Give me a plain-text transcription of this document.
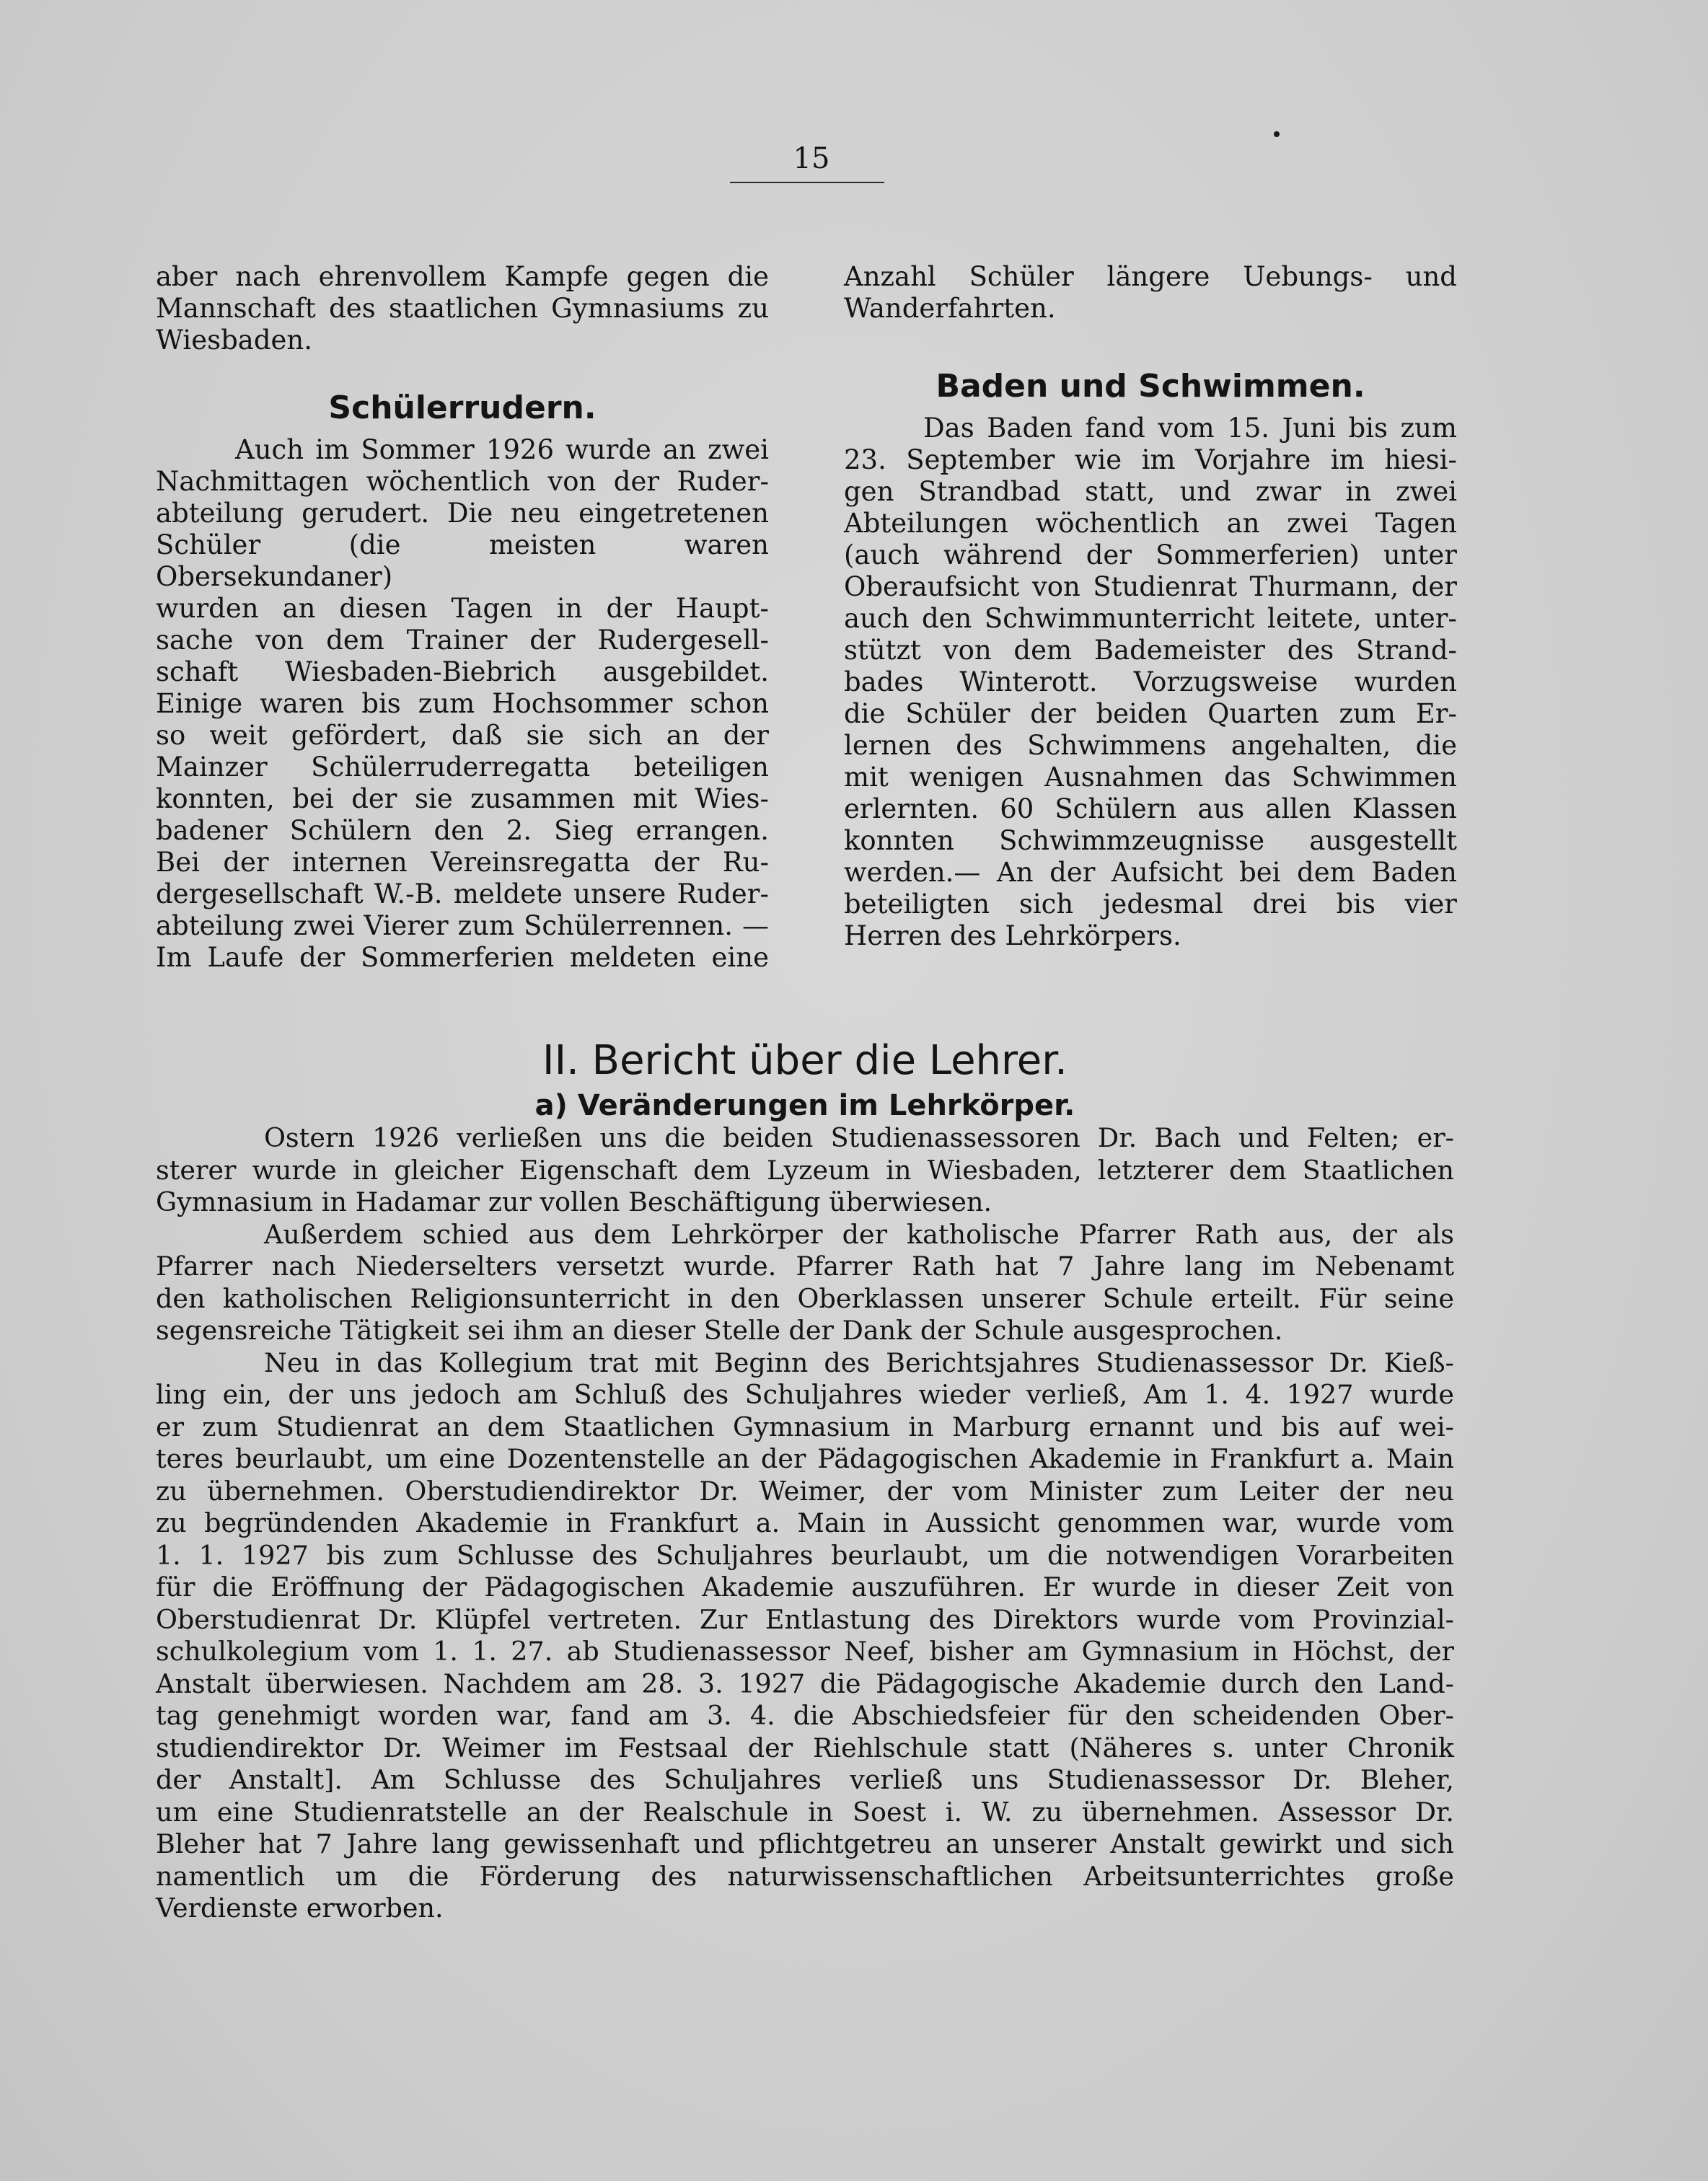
15

aber nach ehrenvollem Kampfe gegen die

Mannschaft des staatlichen Gymnasiums zu

Wiesbaden.

Schülerrudern.

Auch im Sommer 1926 wurde an zwei

Nachmittagen wöchentlich von der Ruder-

abteilung gerudert. Die neu eingetretenen

Schüler (die meisten waren Obersekundaner)

wurden an diesen Tagen in der Haupt-

sache von dem Trainer der Rudergesell-

schaft Wiesbaden-Biebrich ausgebildet.

Einige waren bis zum Hochsommer schon

so weit gefördert, daß sie sich an der

Mainzer Schülerruderregatta beteiligen

konnten, bei der sie zusammen mit Wies-

badener Schülern den 2. Sieg errangen.

Bei der internen Vereinsregatta der Ru-

dergesellschaft W.-B. meldete unsere Ruder-

abteilung zwei Vierer zum Schülerrennen. —

Im Laufe der Sommerferien meldeten eine

Anzahl Schüler längere Uebungs- und

Wanderfahrten.

Baden und Schwimmen.

Das Baden fand vom 15. Juni bis zum

23. September wie im Vorjahre im hiesi-

gen Strandbad statt, und zwar in zwei

Abteilungen wöchentlich an zwei Tagen

(auch während der Sommerferien) unter

Oberaufsicht von Studienrat Thurmann, der

auch den Schwimmunterricht leitete, unter-

stützt von dem Bademeister des Strand-

bades Winterott. Vorzugsweise wurden

die Schüler der beiden Quarten zum Er-

lernen des Schwimmens angehalten, die

mit wenigen Ausnahmen das Schwimmen

erlernten. 60 Schülern aus allen Klassen

konnten Schwimmzeugnisse ausgestellt

werden.— An der Aufsicht bei dem Baden

beteiligten sich jedesmal drei bis vier

Herren des Lehrkörpers.

II. Bericht über die Lehrer.
a) Veränderungen im Lehrkörper.

Ostern 1926 verließen uns die beiden Studienassessoren Dr. Bach und Felten; er-

sterer wurde in gleicher Eigenschaft dem Lyzeum in Wiesbaden, letzterer dem Staatlichen

Gymnasium in Hadamar zur vollen Beschäftigung überwiesen.

Außerdem schied aus dem Lehrkörper der katholische Pfarrer Rath aus, der als

Pfarrer nach Niederselters versetzt wurde. Pfarrer Rath hat 7 Jahre lang im Nebenamt

den katholischen Religionsunterricht in den Oberklassen unserer Schule erteilt. Für seine

segensreiche Tätigkeit sei ihm an dieser Stelle der Dank der Schule ausgesprochen.

Neu in das Kollegium trat mit Beginn des Berichtsjahres Studienassessor Dr. Kieß-

ling ein, der uns jedoch am Schluß des Schuljahres wieder verließ, Am 1. 4. 1927 wurde

er zum Studienrat an dem Staatlichen Gymnasium in Marburg ernannt und bis auf wei-

teres beurlaubt, um eine Dozentenstelle an der Pädagogischen Akademie in Frankfurt a. Main

zu übernehmen. Oberstudiendirektor Dr. Weimer, der vom Minister zum Leiter der neu

zu begründenden Akademie in Frankfurt a. Main in Aussicht genommen war, wurde vom

1. 1. 1927 bis zum Schlusse des Schuljahres beurlaubt, um die notwendigen Vorarbeiten

für die Eröffnung der Pädagogischen Akademie auszuführen. Er wurde in dieser Zeit von

Oberstudienrat Dr. Klüpfel vertreten. Zur Entlastung des Direktors wurde vom Provinzial-

schulkolegium vom 1. 1. 27. ab Studienassessor Neef, bisher am Gymnasium in Höchst, der

Anstalt überwiesen. Nachdem am 28. 3. 1927 die Pädagogische Akademie durch den Land-

tag genehmigt worden war, fand am 3. 4. die Abschiedsfeier für den scheidenden Ober-

studiendirektor Dr. Weimer im Festsaal der Riehlschule statt (Näheres s. unter Chronik

der Anstalt]. Am Schlusse des Schuljahres verließ uns Studienassessor Dr. Bleher,

um eine Studienratstelle an der Realschule in Soest i. W. zu übernehmen. Assessor Dr.

Bleher hat 7 Jahre lang gewissenhaft und pflichtgetreu an unserer Anstalt gewirkt und sich

namentlich um die Förderung des naturwissenschaftlichen Arbeitsunterrichtes große

Verdienste erworben.
